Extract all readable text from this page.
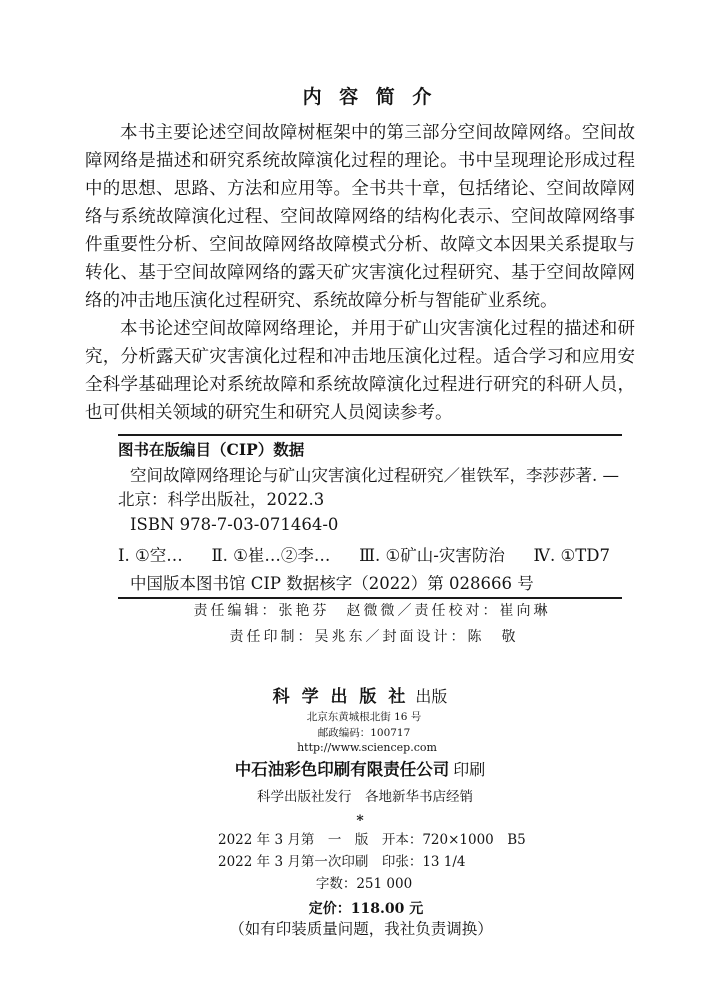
内 容 简 介
本书主要论述空间故障树框架中的第三部分空间故障网络。空间故
障网络是描述和研究系统故障演化过程的理论。书中呈现理论形成过程
中的思想、思路、方法和应用等。全书共十章，包括绪论、空间故障网
络与系统故障演化过程、空间故障网络的结构化表示、空间故障网络事
件重要性分析、空间故障网络故障模式分析、故障文本因果关系提取与
转化、基于空间故障网络的露天矿灾害演化过程研究、基于空间故障网
络的冲击地压演化过程研究、系统故障分析与智能矿业系统。
本书论述空间故障网络理论，并用于矿山灾害演化过程的描述和研
究，分析露天矿灾害演化过程和冲击地压演化过程。适合学习和应用安
全科学基础理论对系统故障和系统故障演化过程进行研究的科研人员，
也可供相关领域的研究生和研究人员阅读参考。
图书在版编目（CIP）数据
空间故障网络理论与矿山灾害演化过程研究／崔铁军，李莎莎著. —
北京：科学出版社，2022.3
ISBN 978-7-03-071464-0
Ⅰ. ①空… Ⅱ. ①崔…②李… Ⅲ. ①矿山-灾害防治 Ⅳ. ①TD7
中国版本图书馆 CIP 数据核字（2022）第 028666 号
责任编辑：张艳芬　赵微微／责任校对：崔向琳
责任印制：吴兆东／封面设计：陈　敬
科 学 出 版 社 出版
北京东黄城根北街 16 号
邮政编码：100717
http://www.sciencep.com
中石油彩色印刷有限责任公司 印刷
科学出版社发行　各地新华书店经销
*
2022 年 3 月第　一　版　开本：720×1000　B5
2022 年 3 月第一次印刷　印张：13 1/4
字数：251 000
定价：118.00 元
（如有印装质量问题，我社负责调换）
